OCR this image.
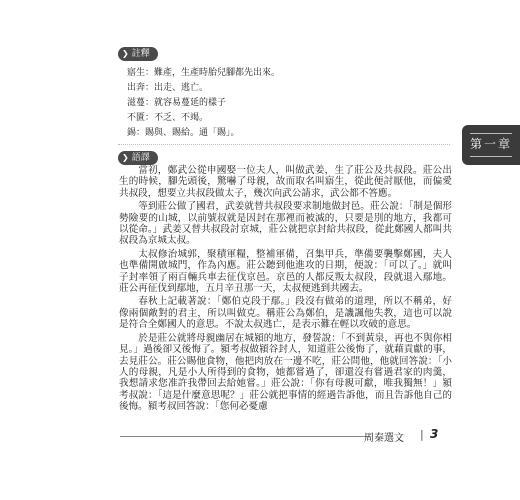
❯ 註釋
寤生：難產，生產時胎兒腳都先出來。
出奔：出走、逃亡。
滋蔓：就容易蔓延的樣子
不匱：不乏、不竭。
錫：賜與、賜給。通「賜」。
❯ 語譯

當初，鄭武公從申國娶一位夫人，叫做武姜，生了莊公及共叔段。莊公出生的時候，腳先頭後，驚嚇了母親，故而取名叫寤生，從此便討厭他，而偏愛共叔段，想要立共叔段做太子，幾次向武公請求，武公都不答應。

等到莊公做了國君，武姜就替共叔段要求制地做封邑。莊公說：「制是個形勢險要的山城，以前號叔就是因封在那裡而被滅的，只要是別的地方，我都可以從命。」武姜又替共叔段討京城，莊公就把京封給共叔段，從此鄭國人都叫共叔段為京城太叔。

太叔修治城郭，聚積軍糧，整補軍備，召集甲兵，準備要襲擊鄭國，夫人也準備開啟城門，作為內應。莊公聽到他進攻的日期，便說：「可以了。」就叫子封率領了兩百輛兵車去征伐京邑。京邑的人都反叛太叔段，段就退入鄢地。莊公再征伐到鄢地，五月辛丑那一天，太叔便逃到共國去。

春秋上記載著說：「鄭伯克段于鄢。」段沒有做弟的道理，所以不稱弟，好像兩個敵對的君主，所以叫做克。稱莊公為鄭伯，是譏諷他失教，這也可以說是符合全鄭國人的意思。不說太叔逃亡，是表示難在輕以攻破的意思。

於是莊公就將母親幽居在城潁的地方，發誓說：「不到黃泉，再也不與你相見。」過後卻又後悔了。潁考叔做潁谷封人，知道莊公後悔了，就藉貢獻的事，去見莊公。莊公賜他食物，他把肉放在一邊不吃，莊公問他，他就回答說：「小人的母親，凡是小人所得到的食物，她都嘗過了，卻還沒有嘗過君家的肉羹，我想請求您准許我帶回去給她嘗。」莊公說：「你有母親可獻，唯我獨無！」潁考叔說：「這是什麼意思呢？」莊公就把事情的經過告訴他，而且告訴他自己的後悔。潁考叔回答說：「您何必憂慮

第一章
周秦選文 | 3
